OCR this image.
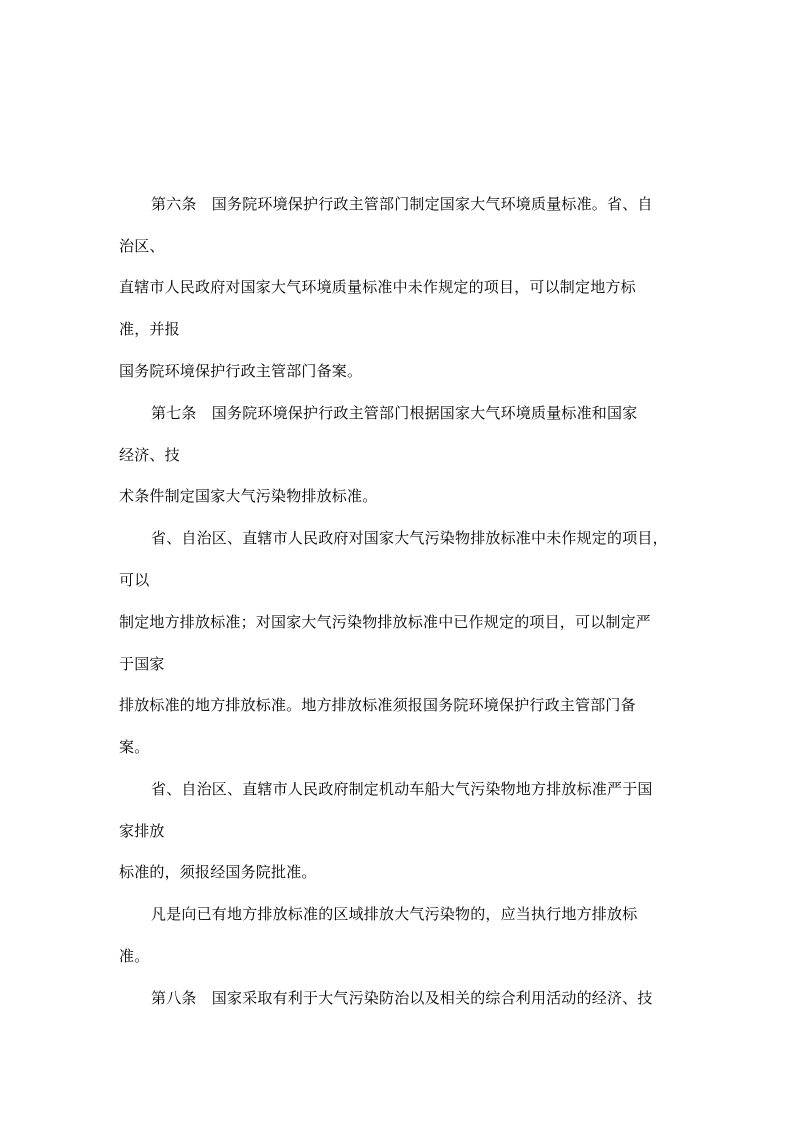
第六条　国务院环境保护行政主管部门制定国家大气环境质量标准。省、自
治区、
直辖市人民政府对国家大气环境质量标准中未作规定的项目，可以制定地方标
准，并报
国务院环境保护行政主管部门备案。
第七条　国务院环境保护行政主管部门根据国家大气环境质量标准和国家
经济、技
术条件制定国家大气污染物排放标准。
省、自治区、直辖市人民政府对国家大气污染物排放标准中未作规定的项目，
可以
制定地方排放标准；对国家大气污染物排放标准中已作规定的项目，可以制定严
于国家
排放标准的地方排放标准。地方排放标准须报国务院环境保护行政主管部门备
案。
省、自治区、直辖市人民政府制定机动车船大气污染物地方排放标准严于国
家排放
标准的，须报经国务院批准。
凡是向已有地方排放标准的区域排放大气污染物的，应当执行地方排放标
准。
第八条　国家采取有利于大气污染防治以及相关的综合利用活动的经济、技
